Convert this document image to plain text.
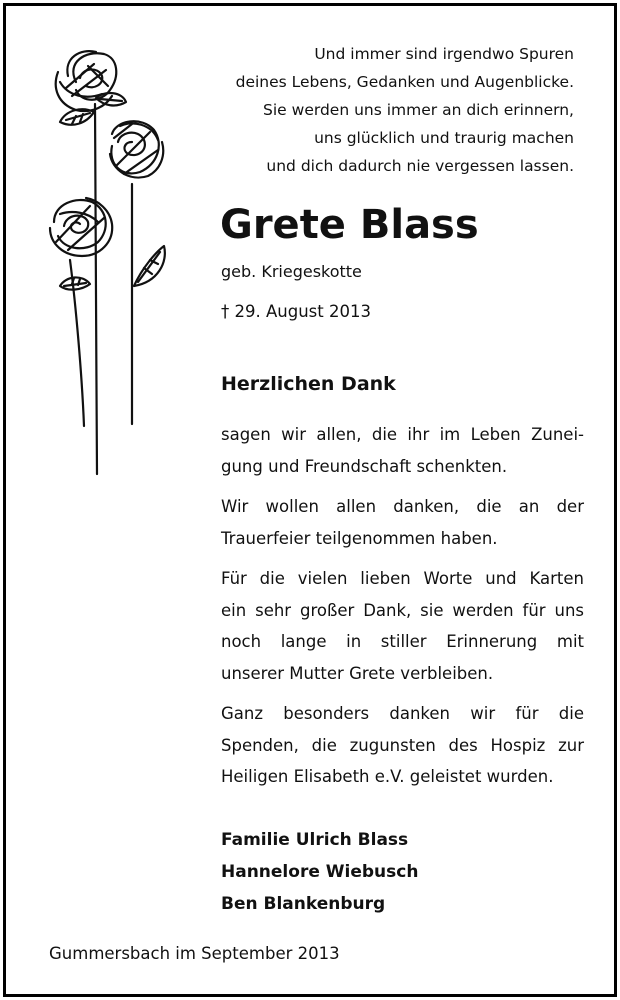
Und immer sind irgendwo Spuren
deines Lebens, Gedanken und Augenblicke.
Sie werden uns immer an dich erinnern,
uns glücklich und traurig machen
und dich dadurch nie vergessen lassen.
Grete Blass
geb. Kriegeskotte
† 29. August 2013
Herzlichen Dank
sagen wir allen, die ihr im Leben Zunei-
gung und Freundschaft schenkten.
Wir wollen allen danken, die an der
Trauerfeier teilgenommen haben.
Für die vielen lieben Worte und Karten
ein sehr großer Dank, sie werden für uns
noch lange in stiller Erinnerung mit
unserer Mutter Grete verbleiben.
Ganz besonders danken wir für die
Spenden, die zugunsten des Hospiz zur
Heiligen Elisabeth e.V. geleistet wurden.
Familie Ulrich Blass
Hannelore Wiebusch
Ben Blankenburg
Gummersbach im September 2013
